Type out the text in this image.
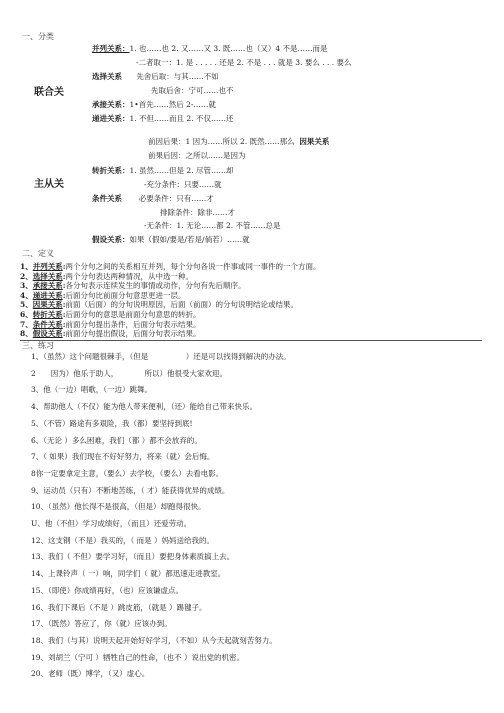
一、分类
联合关
主从关
并列关系：1. 也……也 2. 又……又 3. 既……也（又）4 不是……而是
-二者取一：1. 是 . . . . . 还是 2. 不是 . . . 就是 3. 要么 . . . 要么
选择关系 先舍后取：与其……不如
先取后舍：宁可……也不
承接关系：1•首先……然后 2-……就
递进关系：1. 不但……而且 2. 不仅……还
前因后果：1 因为……所以 2. 既然……那么 因果关系
前果后因：之所以……是因为
转折关系：1. 虽然……但是 2. 尽管……却
-充分条件：只要……就
条件关系 必要条件：只有……才
排除条件：除非……才
-无条件：1. 无论……都 2. 不管……总是
假设关系：如果（假如/要是/若是/倘若）……就
二、定义
1、并列关系:两个分句之间的关系相互并列，每个分句各说一件事或同一事件的一个方面。
2、选择关系:两个分句表达两种情况，从中选一种。
3、承接关系:各分句表示连续发生的事情或动作，分句有先后顺序。
4、递进关系:后面分句比前面分句意思更进一层。
5、因果关系:前面（后面）的分句说明原因，后面（前面）的分句说明结论或结果。
6、转折关系:后面分句的意思是前面分句意思的转折。
7、条件关系:前面分句提出条件，后面分句表示结果。
8、假设关系:前面分句提出假设，后面分句表示结果。
三、练习
1、（虽然）这个问题很棘手，（但是　　　　　）还是可以找得到解决的办法。
2　　因为）他乐于助人，　　　　所以）他很受大家欢迎。
3、他（一边）唱歌，（一边）跳舞。
4、帮助他人（不仅）能为他人带来便利，（还）能给自己带来快乐。
5、（不管）路途有多艰险，我（都）要坚持到底!
6、（无论 ）多么困难，我们（都 ）都不会放弃的。
7、（ 如果）我们现在不好好努力，将来（就）会后悔。
8你一定要拿定主意，（要么）去学校，（要么）去看电影。
9、运动员（只有）不断地苦练，（ 才）能获得优异的成绩。
10、（虽然）他长得不是很高，（但是）却跑得很快。
U、他（不但）学习成绩好，（而且）还爱劳动。
12、这支钢（不是）我买的，（ 而是 ）妈妈送给我的。
13、我们（ 不但）要学习好，（而且）要把身体素质搞上去。
14、上课铃声（ 一）响，同学们（ 就）都迅速走进教室。
15、（即使）你成绩再好，（也）应该谦虚点。
16、我们下课后（不是 ）跳皮筋，（就是 ）踢毽子。
17、（既然）答应了，你（就）应该办到。
18、我们（与其）说明天起开始好好学习，（不如）从今天起就刻苦努力。
19、刘胡兰（宁可 ）牺牲自己的性命，（也不 ）说出党的机密。
20、老师（既）博学，（又）虚心。
